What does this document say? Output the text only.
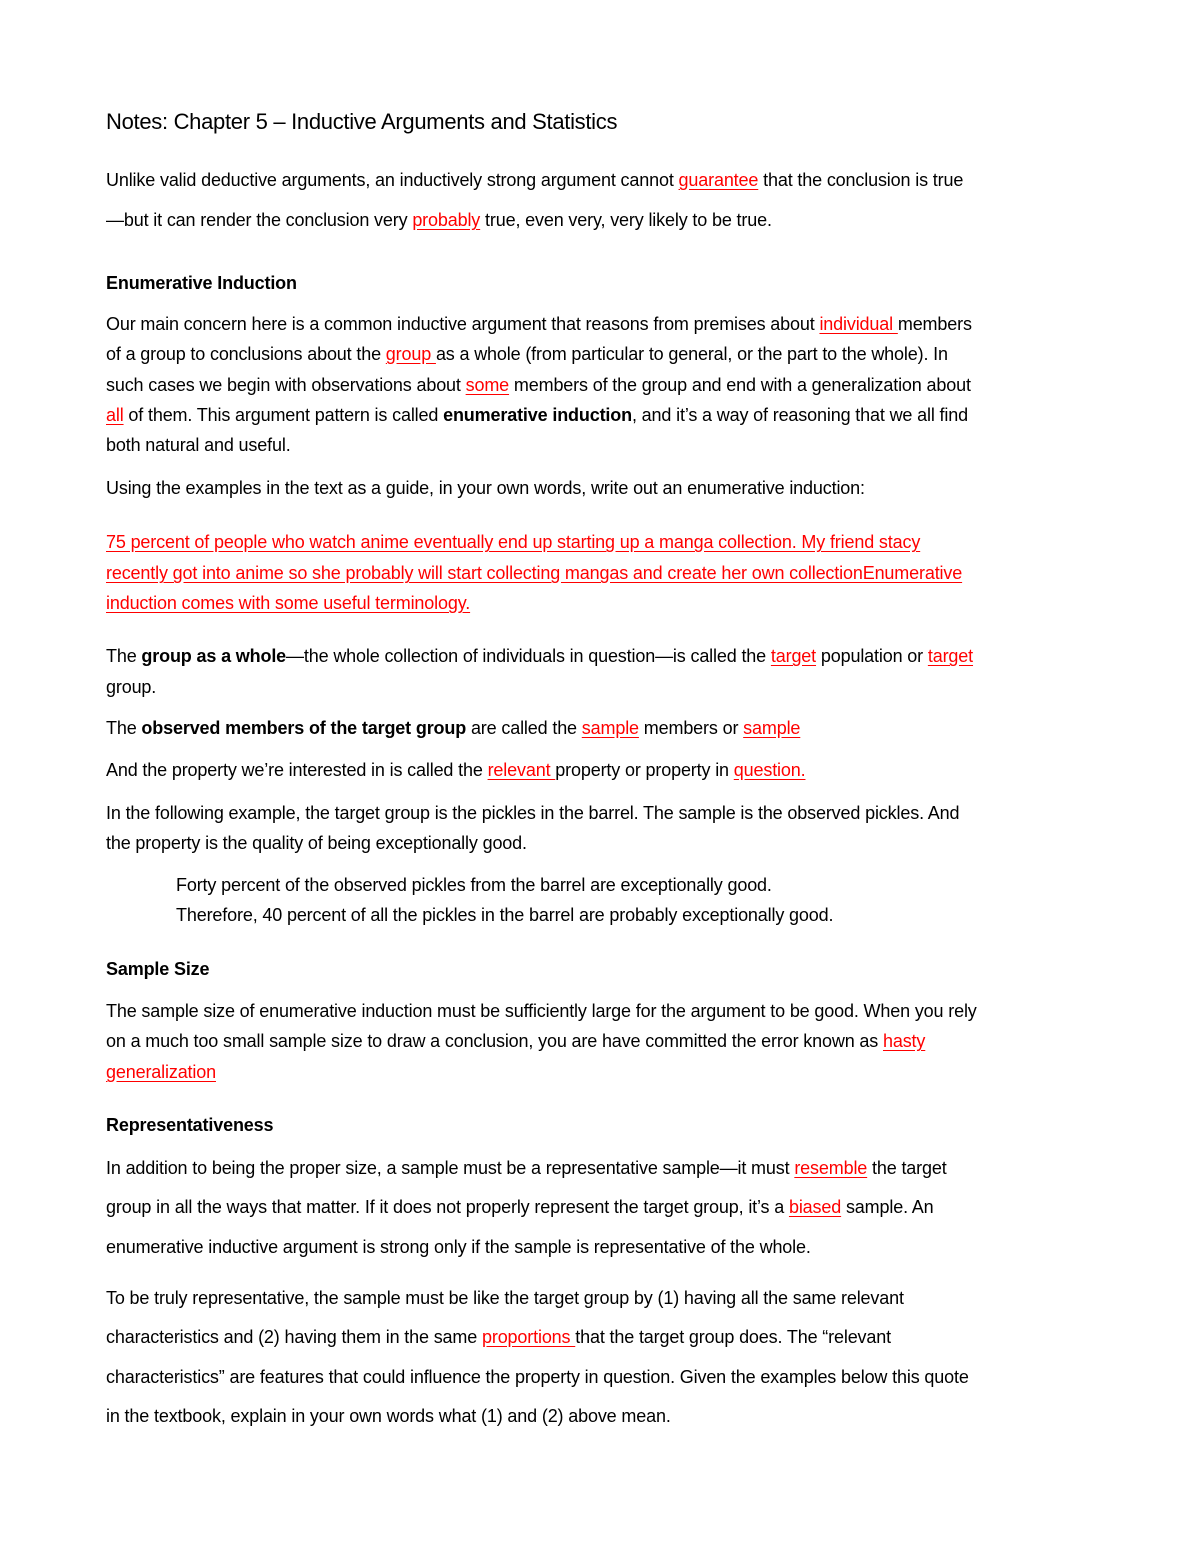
Notes: Chapter 5 – Inductive Arguments and Statistics
Unlike valid deductive arguments, an inductively strong argument cannot guarantee that the conclusion is true
—but it can render the conclusion very probably true, even very, very likely to be true.
Enumerative Induction
Our main concern here is a common inductive argument that reasons from premises about individual members
of a group to conclusions about the group as a whole (from particular to general, or the part to the whole). In
such cases we begin with observations about some members of the group and end with a generalization about
all of them. This argument pattern is called enumerative induction, and it’s a way of reasoning that we all find
both natural and useful.
Using the examples in the text as a guide, in your own words, write out an enumerative induction:
75 percent of people who watch anime eventually end up starting up a manga collection. My friend stacy
recently got into anime so she probably will start collecting mangas and create her own collectionEnumerative
induction comes with some useful terminology.
The group as a whole—the whole collection of individuals in question—is called the target population or target
group.
The observed members of the target group are called the sample members or sample
And the property we’re interested in is called the relevant property or property in question.
In the following example, the target group is the pickles in the barrel. The sample is the observed pickles. And
the property is the quality of being exceptionally good.
Forty percent of the observed pickles from the barrel are exceptionally good.
Therefore, 40 percent of all the pickles in the barrel are probably exceptionally good.
Sample Size
The sample size of enumerative induction must be sufficiently large for the argument to be good. When you rely
on a much too small sample size to draw a conclusion, you are have committed the error known as hasty
generalization
Representativeness
In addition to being the proper size, a sample must be a representative sample—it must resemble the target
group in all the ways that matter. If it does not properly represent the target group, it’s a biased sample. An
enumerative inductive argument is strong only if the sample is representative of the whole.
To be truly representative, the sample must be like the target group by (1) having all the same relevant
characteristics and (2) having them in the same proportions that the target group does. The “relevant
characteristics” are features that could influence the property in question. Given the examples below this quote
in the textbook, explain in your own words what (1) and (2) above mean.
